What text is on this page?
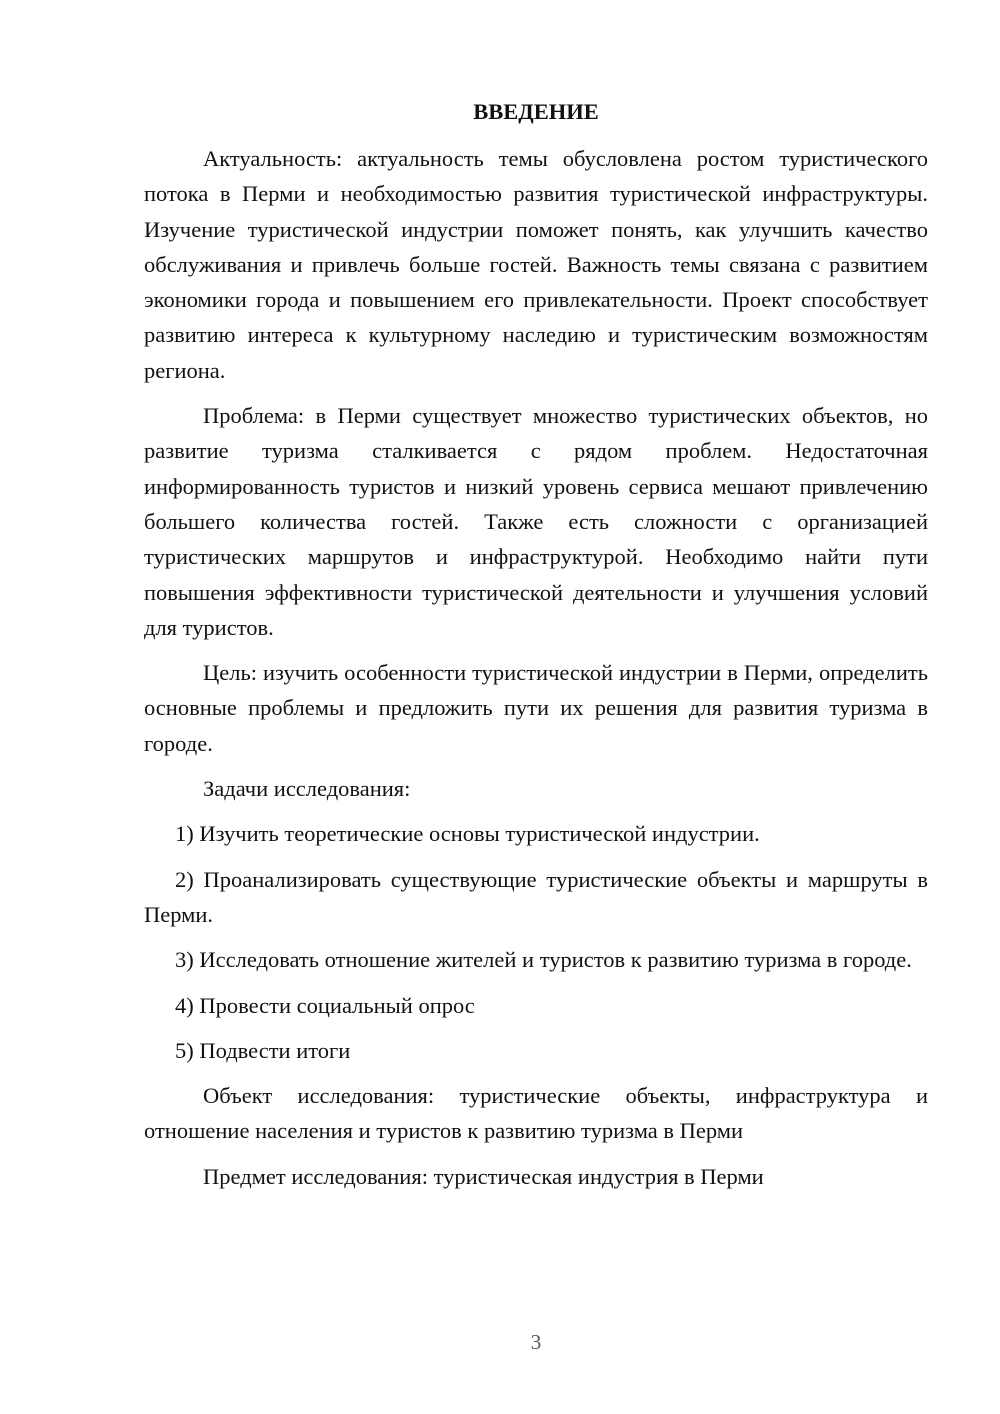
ВВЕДЕНИЕ

Актуальность: актуальность темы обусловлена ростом туристического потока в Перми и необходимостью развития туристической инфраструктуры. Изучение туристической индустрии поможет понять, как улучшить качество обслуживания и привлечь больше гостей. Важность темы связана с развитием экономики города и повышением его привлекательности. Проект способствует развитию интереса к культурному наследию и туристическим возможностям региона.

Проблема: в Перми существует множество туристических объектов, но развитие туризма сталкивается с рядом проблем. Недостаточная информированность туристов и низкий уровень сервиса мешают привлечению большего количества гостей. Также есть сложности с организацией туристических маршрутов и инфраструктурой. Необходимо найти пути повышения эффективности туристической деятельности и улучшения условий для туристов.

Цель: изучить особенности туристической индустрии в Перми, определить основные проблемы и предложить пути их решения для развития туризма в городе.

Задачи исследования:

1) Изучить теоретические основы туристической индустрии.

2) Проанализировать существующие туристические объекты и маршруты в Перми.

3) Исследовать отношение жителей и туристов к развитию туризма в городе.

4) Провести социальный опрос

5) Подвести итоги

Объект исследования: туристические объекты, инфраструктура и отношение населения и туристов к развитию туризма в Перми

Предмет исследования: туристическая индустрия в Перми

3
